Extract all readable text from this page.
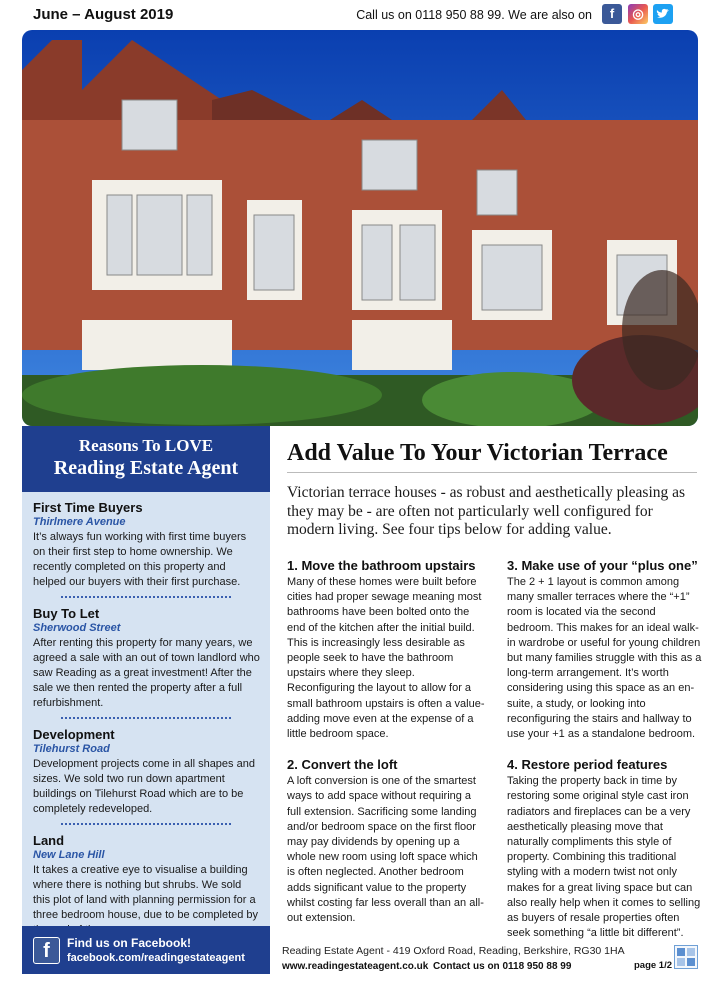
June – August 2019	Call us on 0118 950 88 99. We are also on	f	◎
Reasons To LOVE
Reading Estate Agent
First Time Buyers
Thirlmere Avenue
It’s always fun working with first time buyers on their first step to home ownership. We recently completed on this property and helped our buyers with their first purchase.
Buy To Let
Sherwood Street
After renting this property for many years, we agreed a sale with an out of town landlord who saw Reading as a great investment! After the sale we then rented the property after a full refurbishment.
Development
Tilehurst Road
Development projects come in all shapes and sizes. We sold two run down apartment buildings on Tilehurst Road which are to be completely redeveloped.
Land
New Lane Hill
It takes a creative eye to visualise a building where there is nothing but shrubs. We sold this plot of land with planning permission for a three bedroom house, due to be completed by
f	Find us on Facebook!
facebook.com/readingestateagent
Add Value To Your Victorian Terrace
Victorian terrace houses - as robust and aesthetically pleasing as they may be - are often not particularly well configured for modern living. See four tips below for adding value.
1. Move the bathroom upstairs
Many of these homes were built before cities had proper sewage meaning most bathrooms have been bolted onto the end of the kitchen after the initial build. This is increasingly less desirable as people seek to have the bathroom upstairs where they sleep. Reconfiguring the layout to allow for a small bathroom upstairs is often a value-adding move even at the expense of a little bedroom space.
2. Convert the loft
A loft conversion is one of the smartest ways to add space without requiring a full extension. Sacrificing some landing and/or bedroom space on the first floor may pay dividends by opening up a whole new room using loft space which is often neglected. Another bedroom adds significant value to the property whilst costing far less overall than an all-out extension.
3. Make use of your “plus one”
The 2 + 1 layout is common among many smaller terraces where the “+1” room is located via the second bedroom. This makes for an ideal walk-in wardrobe or useful for young children but many families struggle with this as a long-term arrangement. It’s worth considering using this space as an en-suite, a study, or looking into reconfiguring the stairs and hallway to use your +1 as a standalone bedroom.
4. Restore period features
Taking the property back in time by restoring some original style cast iron radiators and fireplaces can be a very aesthetically pleasing move that naturally compliments this style of property. Combining this traditional styling with a modern twist not only makes for a great living space but can also really help when it comes to selling as buyers of resale properties often seek something “a little bit different”.
Reading Estate Agent - 419 Oxford Road, Reading, Berkshire, RG30 1HA
www.readingestateagent.co.uk Contact us on 0118 950 88 99	page 1/2
